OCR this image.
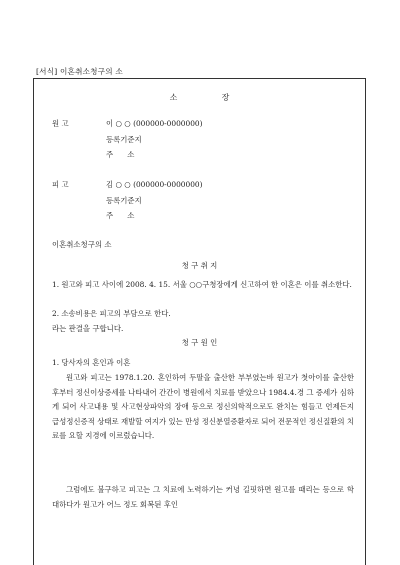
[서식] 이혼취소청구의 소
소 장
원 고	이 ○ ○ (000000-0000000)
등록기준지
주      소
피 고	김 ○ ○ (000000-0000000)
등록기준지
주      소
이혼취소청구의 소
청 구 취 지
1. 원고와 피고 사이에 2008. 4. 15. 서울 ○○구청장에게 신고하여 한 이혼은 이를 취소한다.
2. 소송비용은 피고의 부담으로 한다.
라는 판결을 구합니다.
청 구 원 인
1. 당사자의 혼인과 이혼
원고와 피고는 1978.1.20. 혼인하여 두딸을 출산한 부부였는바 원고가 첫아이를 출산한 후부터 정신이상증세를 나타내어 간간이 병원에서 치료를 받았으나 1984.4.경 그 증세가 심하게 되어 사고내용 및 사고현상파악의 장애 등으로 정신의학적으로도 완치는 힘들고 언제든지 급성정신증적 상태로 재발할 여지가 있는 만성 정신분열증환자로 되어 전문적인 정신질환의 치료를 요할 지경에 이르렀습니다.
그럼에도 불구하고 피고는 그 치료에 노력하기는 커녕 길핏하면 원고를 때리는 등으로 학대하다가 원고가 어느 정도 회복된 후인
